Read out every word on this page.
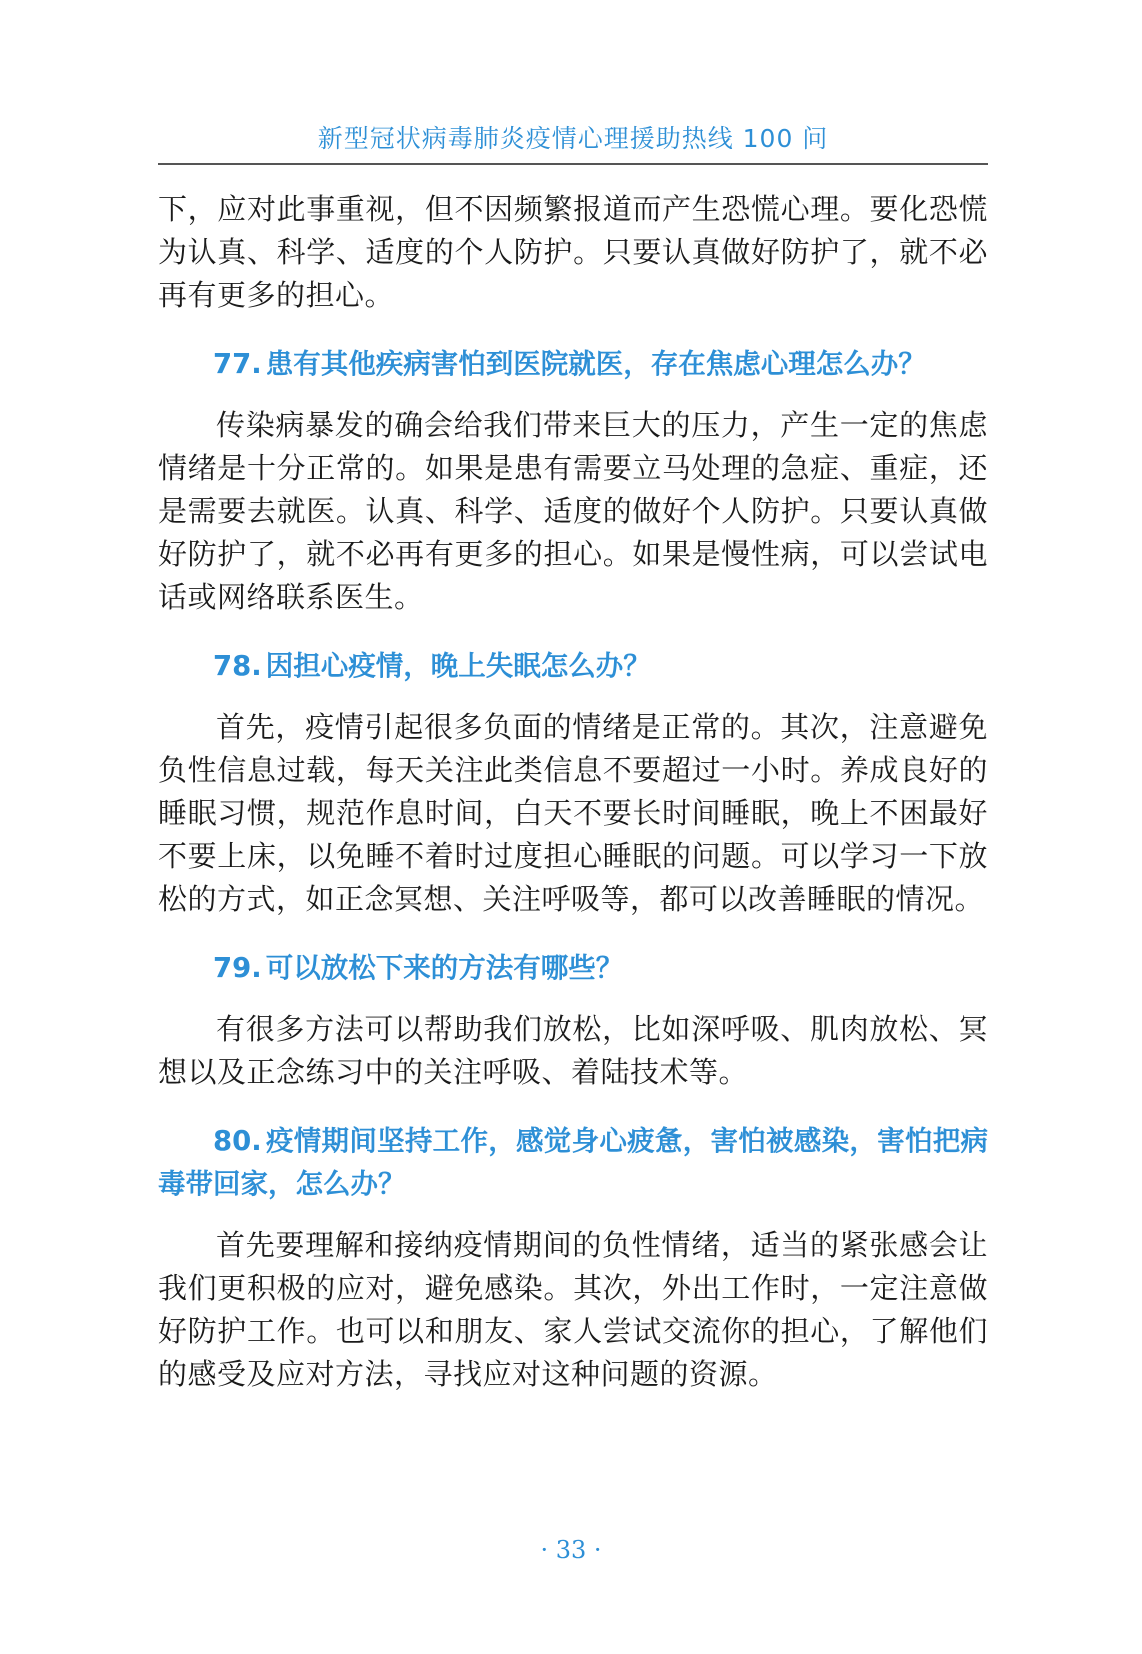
新型冠状病毒肺炎疫情心理援助热线 100 问

下，应对此事重视，但不因频繁报道而产生恐慌心理。要化恐慌为认真、科学、适度的个人防护。只要认真做好防护了，就不必再有更多的担心。

77. 患有其他疾病害怕到医院就医，存在焦虑心理怎么办？

传染病暴发的确会给我们带来巨大的压力，产生一定的焦虑情绪是十分正常的。如果是患有需要立马处理的急症、重症，还是需要去就医。认真、科学、适度的做好个人防护。只要认真做好防护了，就不必再有更多的担心。如果是慢性病，可以尝试电话或网络联系医生。

78. 因担心疫情，晚上失眠怎么办？

首先，疫情引起很多负面的情绪是正常的。其次，注意避免负性信息过载，每天关注此类信息不要超过一小时。养成良好的睡眠习惯，规范作息时间，白天不要长时间睡眠，晚上不困最好不要上床，以免睡不着时过度担心睡眠的问题。可以学习一下放松的方式，如正念冥想、关注呼吸等，都可以改善睡眠的情况。

79. 可以放松下来的方法有哪些？

有很多方法可以帮助我们放松，比如深呼吸、肌肉放松、冥想以及正念练习中的关注呼吸、着陆技术等。

80. 疫情期间坚持工作，感觉身心疲惫，害怕被感染，害怕把病毒带回家，怎么办？

首先要理解和接纳疫情期间的负性情绪，适当的紧张感会让我们更积极的应对，避免感染。其次，外出工作时，一定注意做好防护工作。也可以和朋友、家人尝试交流你的担心，了解他们的感受及应对方法，寻找应对这种问题的资源。

· 33 ·
